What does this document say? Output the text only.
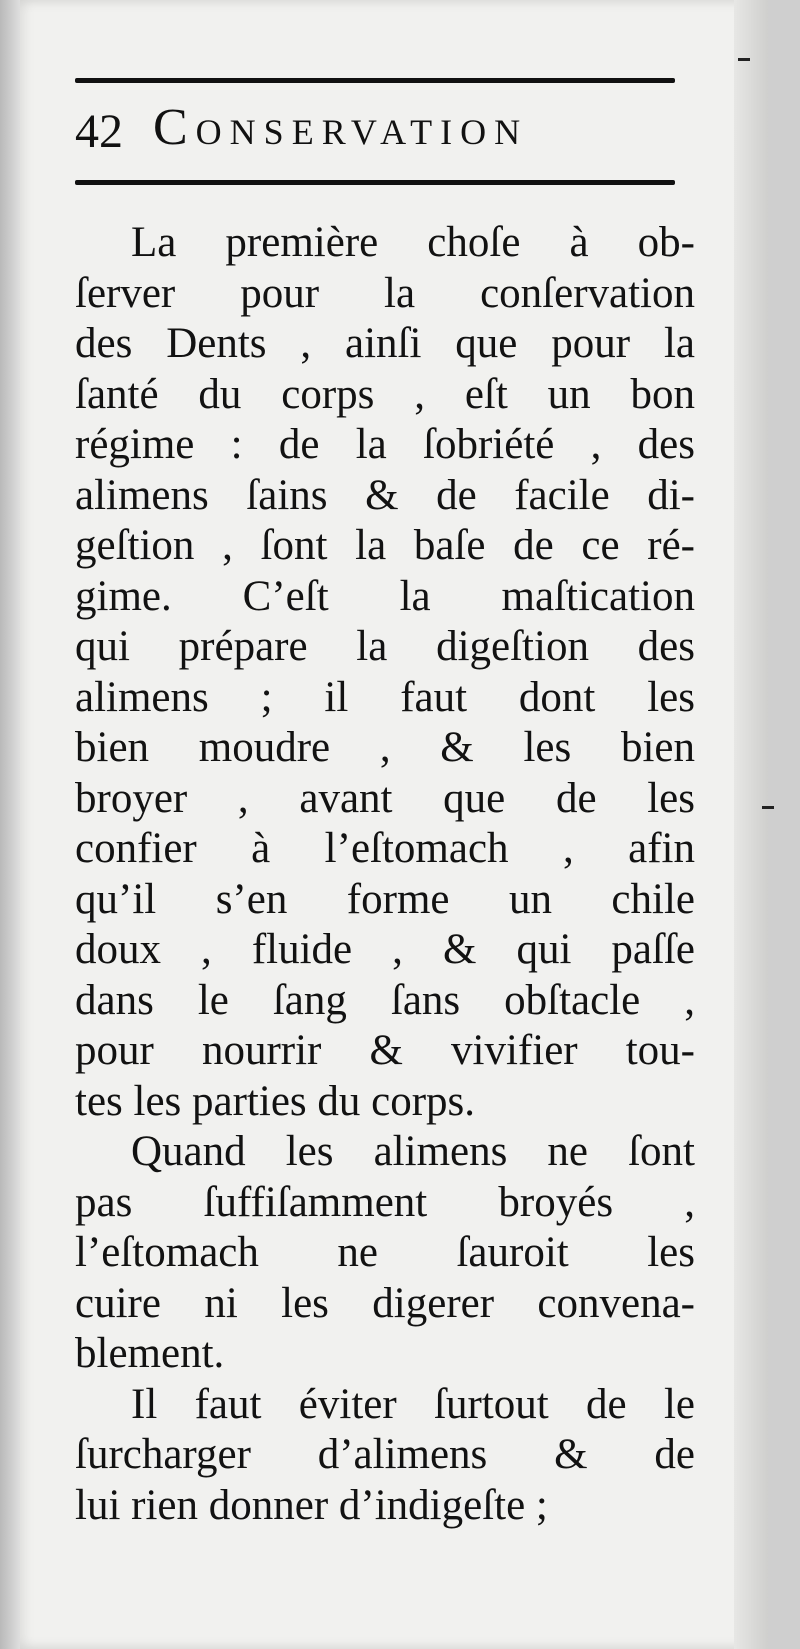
42 Conservation
La première choſe à ob-
ſerver pour la conſervation
des Dents , ainſi que pour la
ſanté du corps , eſt un bon
régime : de la ſobriété , des
alimens ſains & de facile di-
geſtion , ſont la baſe de ce ré-
gime. C’eſt la maſtication
qui prépare la digeſtion des
alimens ; il faut dont les
bien moudre , & les bien
broyer , avant que de les
confier à l’eſtomach , afin
qu’il s’en forme un chile
doux , fluide , & qui paſſe
dans le ſang ſans obſtacle ,
pour nourrir & vivifier tou-
tes les parties du corps.
Quand les alimens ne ſont
pas ſuffiſamment broyés ,
l’eſtomach ne ſauroit les
cuire ni les digerer convena-
blement.
Il faut éviter ſurtout de le
ſurcharger d’alimens & de
lui rien donner d’indigeſte ;
